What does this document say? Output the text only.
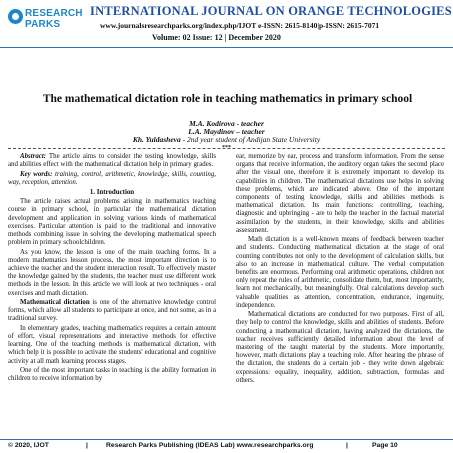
RESEARCH
PARKS
INTERNATIONAL JOURNAL ON ORANGE TECHNOLOGIES
www.journalsresearchparks.org/index.php/IJOT e-ISSN: 2615-8140|p-ISSN: 2615-7071
Volume: 02 Issue: 12 | December 2020
The mathematical dictation role in teaching mathematics in primary school
M.A. Kodirova - teacher
L.A. Maydinov – teacher
Kh. Yuldasheva - 2nd year student of Andijan State University
***

Abstract: The article aims to consider the testing knowledge, skills and abilities effect with the mathematical dictation help in primary grades.

Key words: training, control, arithmetic, knowledge, skills, counting, way, reception, attention.

1. Introduction

The article raises actual problems arising in mathematics teaching course in primary school, in particular the mathematical dictation development and application in solving various kinds of mathematical exercises. Particular attention is paid to the traditional and innovative methods combining issue in solving the developing mathematical speech problem in primary schoolchildren.

As you know, the lesson is one of the main teaching forms. In a modern mathematics lesson process, the most important direction is to achieve the teacher and the student interaction result. To effectively master the knowledge gained by the students, the teacher must use different work methods in the lesson. In this article we will look at two techniques - oral exercises and math dictation.

Mathematical dictation is one of the alternative knowledge control forms, which allow all students to participate at once, and not some, as in a traditional survey.

In elementary grades, teaching mathematics requires a certain amount of effort, visual representations and interactive methods for effective learning. One of the teaching methods is mathematical dictation, with which help it is possible to activate the students' educational and cognitive activity at all math learning process stages.

One of the most important tasks in teaching is the ability formation in children to receive information by

ear, memorize by ear, process and transform information. From the sense organs that receive information, the auditory organ takes the second place after the visual one, therefore it is extremely important to develop its capabilities in children. The mathematical dictations use helps in solving these problems, which are indicated above. One of the important components of testing knowledge, skills and abilities methods is mathematical dictation. Its main functions: controlling, teaching, diagnostic and upbringing - are to help the teacher in the factual material assimilation by the students, in their knowledge, skills and abilities assessment.

Math dictation is a well-known means of feedback between teacher and students. Conducting mathematical dictation at the stage of oral counting contributes not only to the development of calculation skills, but also to an increase in mathematical culture. The verbal computation benefits are enormous. Performing oral arithmetic operations, children not only repeat the rules of arithmetic, consolidate them, but, most importantly, learn not mechanically, but meaningfully. Oral calculations develop such valuable qualities as attention, concentration, endurance, ingenuity, independence.

Mathematical dictations are conducted for two purposes. First of all, they help to control the knowledge, skills and abilities of students. Before conducting a mathematical dictation, having analyzed the dictations, the teacher receives sufficiently detailed information about the level of mastering of the taught material by the students. More importantly, however, math dictations play a teaching role. After hearing the phrase of the dictation, the students do a certain job - they write down algebraic expressions: equality, inequality, addition, subtraction, formulas and others.

© 2020, IJOT	|	Research Parks Publishing (IDEAS Lab) www.researchparks.org	|	Page 10
